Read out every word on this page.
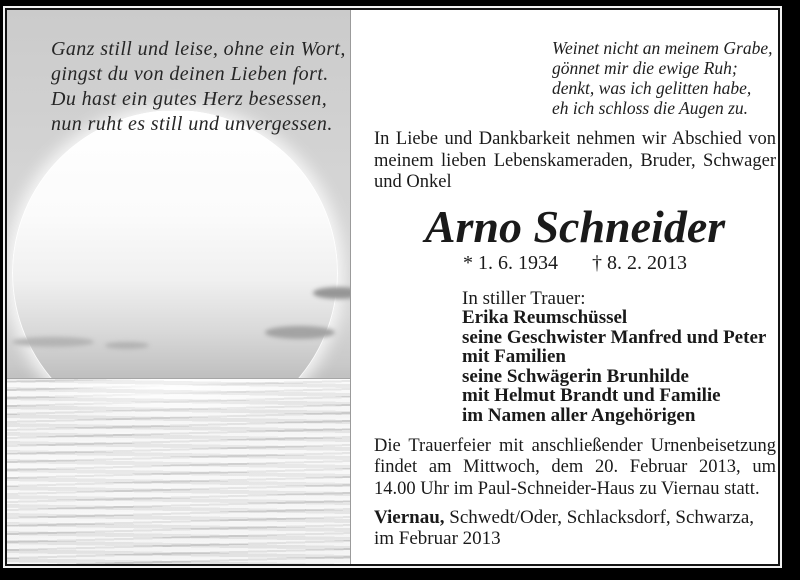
Ganz still und leise, ohne ein Wort,
gingst du von deinen Lieben fort.
Du hast ein gutes Herz besessen,
nun ruht es still und unvergessen.
Weinet nicht an meinem Grabe,
gönnet mir die ewige Ruh;
denkt, was ich gelitten habe,
eh ich schloss die Augen zu.
In Liebe und Dankbarkeit nehmen wir Abschied von
meinem lieben Lebenskameraden, Bruder, Schwager
und Onkel
Arno Schneider
* 1. 6. 1934 † 8. 2. 2013
In stiller Trauer:
Erika Reumschüssel
seine Geschwister Manfred und Peter
mit Familien
seine Schwägerin Brunhilde
mit Helmut Brandt und Familie
im Namen aller Angehörigen
Die Trauerfeier mit anschließender Urnenbeisetzung
findet am Mittwoch, dem 20. Februar 2013, um
14.00 Uhr im Paul-Schneider-Haus zu Viernau statt.
Viernau, Schwedt/Oder, Schlacksdorf, Schwarza,
im Februar 2013
